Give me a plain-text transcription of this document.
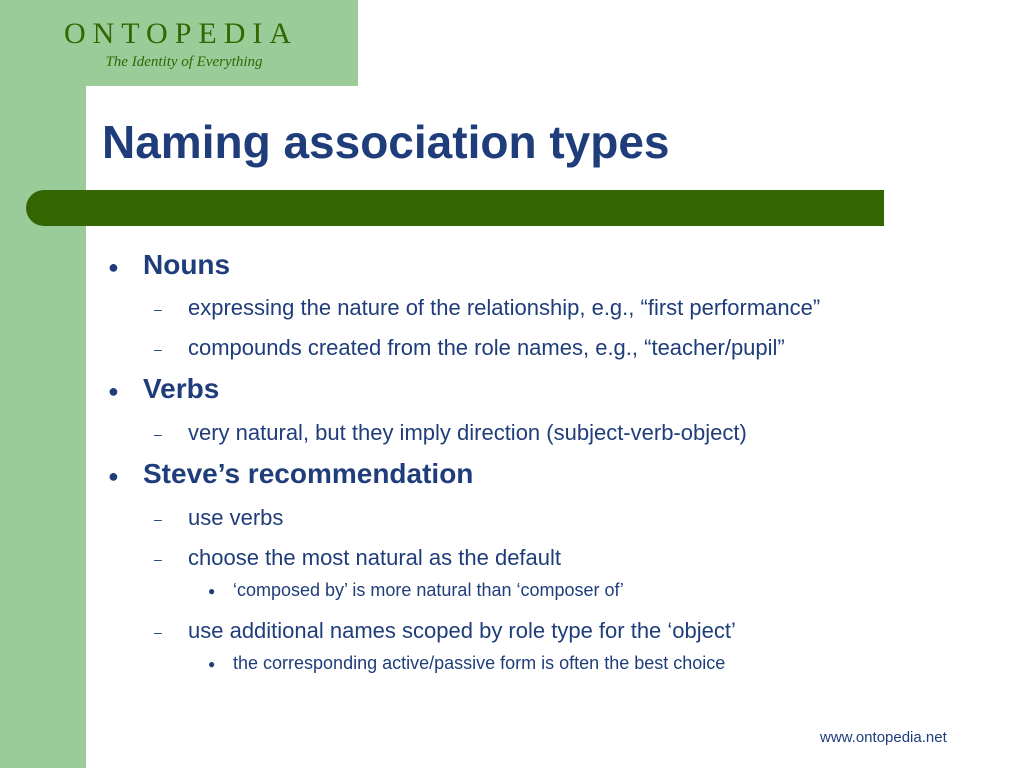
ONTOPEDIA
The Identity of Everything
Naming association types
● Nouns
– expressing the nature of the relationship, e.g., “first performance”
– compounds created from the role names, e.g., “teacher/pupil”
● Verbs
– very natural, but they imply direction (subject-verb-object)
● Steve’s recommendation
– use verbs
– choose the most natural as the default
● ‘composed by’ is more natural than ‘composer of’
– use additional names scoped by role type for the ‘object’
● the corresponding active/passive form is often the best choice
www.ontopedia.net
